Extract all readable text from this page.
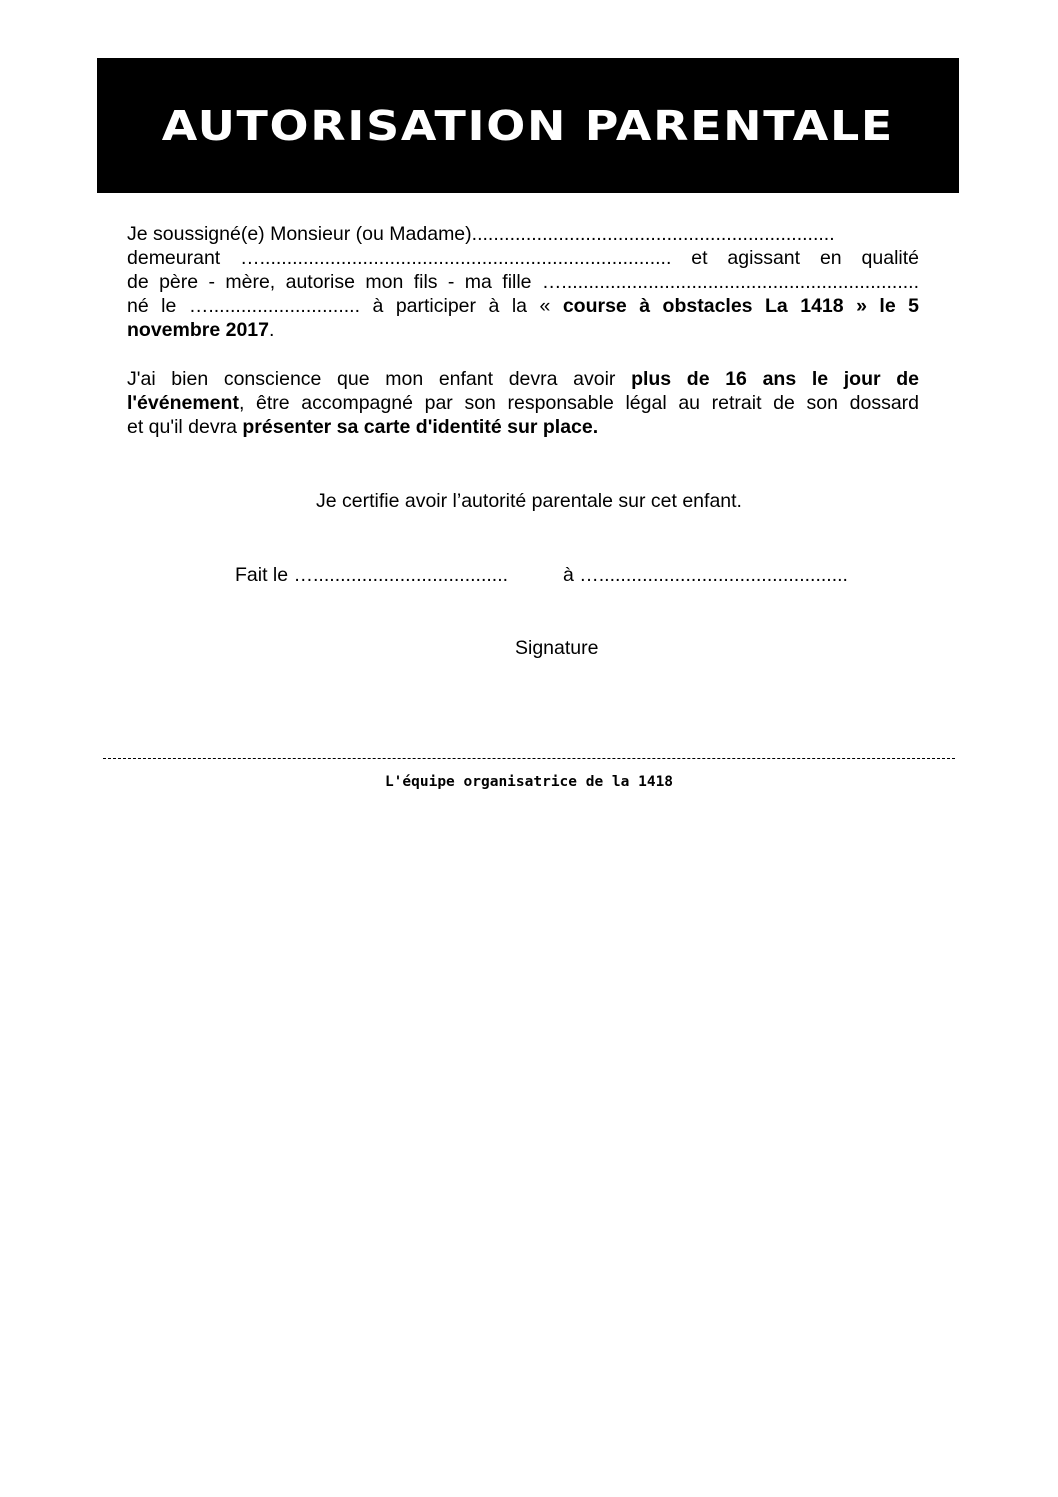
AUTORISATION PARENTALE
Je soussigné(e) Monsieur (ou Madame)...................................................................
demeurant …............................................................................ et agissant en qualité
de père - mère, autorise mon fils - ma fille …..................................................................
né le …............................ à participer à la « course à obstacles La 1418 » le 5
novembre 2017.
J'ai bien conscience que mon enfant devra avoir plus de 16 ans le jour de
l'événement, être accompagné par son responsable légal au retrait de son dossard
et qu'il devra présenter sa carte d'identité sur place.
Je certifie avoir l’autorité parentale sur cet enfant.
Fait le …....................................	à …..............................................
Signature
L'équipe organisatrice de la 1418
